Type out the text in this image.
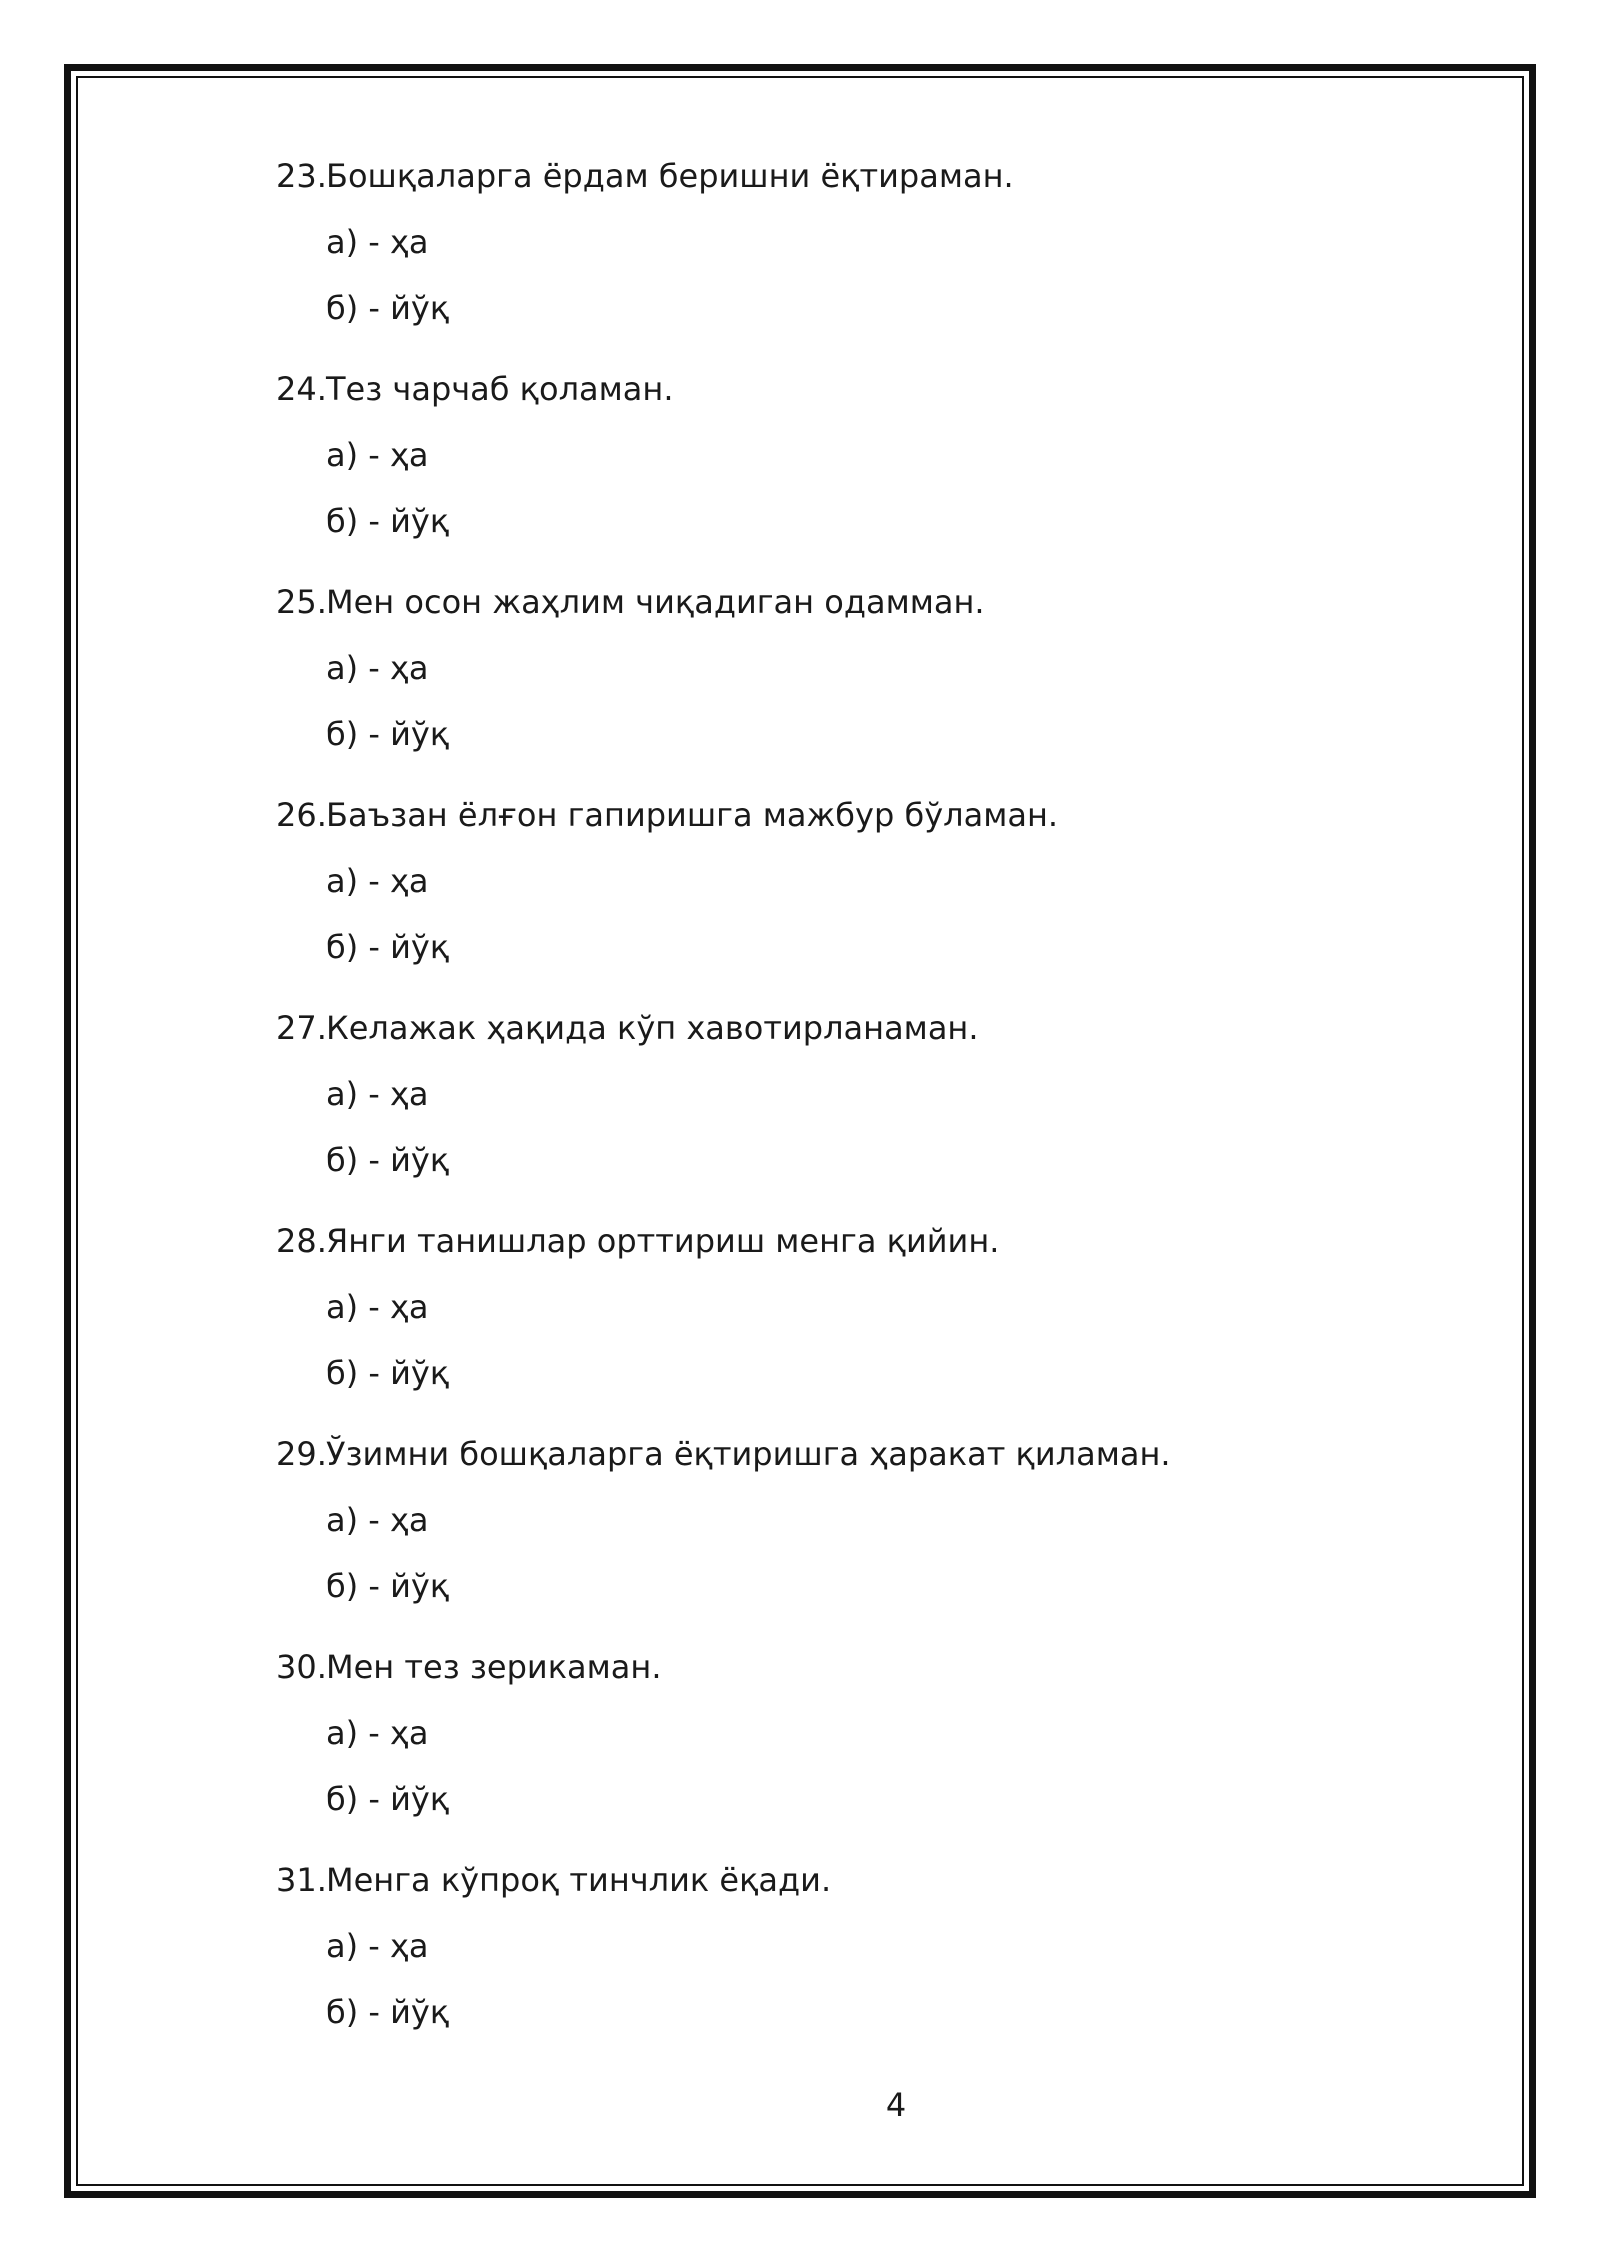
23. Бошқаларга ёрдам беришни ёқтираман.
а) - ҳа
б) - йўқ
24. Тез чарчаб қоламан.
а) - ҳа
б) - йўқ
25. Мен осон жаҳлим чиқадиган одамман.
а) - ҳа
б) - йўқ
26. Баъзан ёлғон гапиришга мажбур бўламан.
а) - ҳа
б) - йўқ
27. Келажак ҳақида кўп хавотирланаман.
а) - ҳа
б) - йўқ
28. Янги танишлар орттириш менга қийин.
а) - ҳа
б) - йўқ
29. Ўзимни бошқаларга ёқтиришга ҳаракат қиламан.
а) - ҳа
б) - йўқ
30. Мен тез зерикаман.
а) - ҳа
б) - йўқ
31. Менга кўпроқ тинчлик ёқади.
а) - ҳа
б) - йўқ
4
